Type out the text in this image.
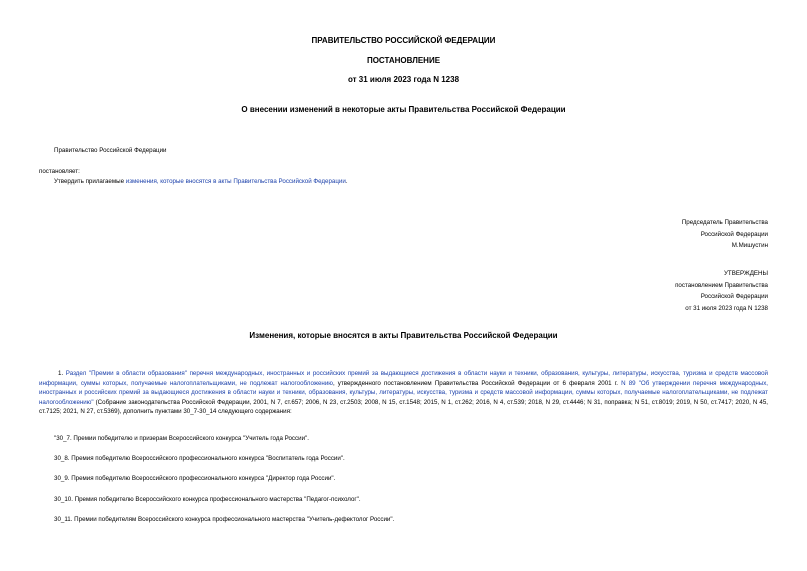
ПРАВИТЕЛЬСТВО РОССИЙСКОЙ ФЕДЕРАЦИИ
ПОСТАНОВЛЕНИЕ
от 31 июля 2023 года N 1238
О внесении изменений в некоторые акты Правительства Российской Федерации
Правительство Российской Федерации
постановляет:
Утвердить прилагаемые изменения, которые вносятся в акты Правительства Российской Федерации.
Председатель Правительства
Российской Федерации
М.Мишустин
УТВЕРЖДЕНЫ
постановлением Правительства
Российской Федерации
от 31 июля 2023 года N 1238
Изменения, которые вносятся в акты Правительства Российской Федерации
1. Раздел "Премии в области образования" перечня международных, иностранных и российских премий за выдающиеся достижения в области науки и техники, образования, культуры, литературы, искусства, туризма и средств массовой информации, суммы которых, получаемые налогоплательщиками, не подлежат налогообложению, утвержденного постановлением Правительства Российской Федерации от 6 февраля 2001 г. N 89 "Об утверждении перечня международных, иностранных и российских премий за выдающиеся достижения в области науки и техники, образования, культуры, литературы, искусства, туризма и средств массовой информации, суммы которых, получаемые налогоплательщиками, не подлежат налогообложению" (Собрание законодательства Российской Федерации, 2001, N 7, ст.657; 2006, N 23, ст.2503; 2008, N 15, ст.1548; 2015, N 1, ст.262; 2016, N 4, ст.539; 2018, N 29, ст.4446; N 31, поправка; N 51, ст.8019; 2019, N 50, ст.7417; 2020, N 45, ст.7125; 2021, N 27, ст.5369), дополнить пунктами 30_7-30_14 следующего содержания:
"30_7. Премии победителю и призерам Всероссийского конкурса "Учитель года России".
30_8. Премия победителю Всероссийского профессионального конкурса "Воспитатель года России".
30_9. Премия победителю Всероссийского профессионального конкурса "Директор года России".
30_10. Премия победителю Всероссийского конкурса профессионального мастерства "Педагог-психолог".
30_11. Премии победителям Всероссийского конкурса профессионального мастерства "Учитель-дефектолог России".
